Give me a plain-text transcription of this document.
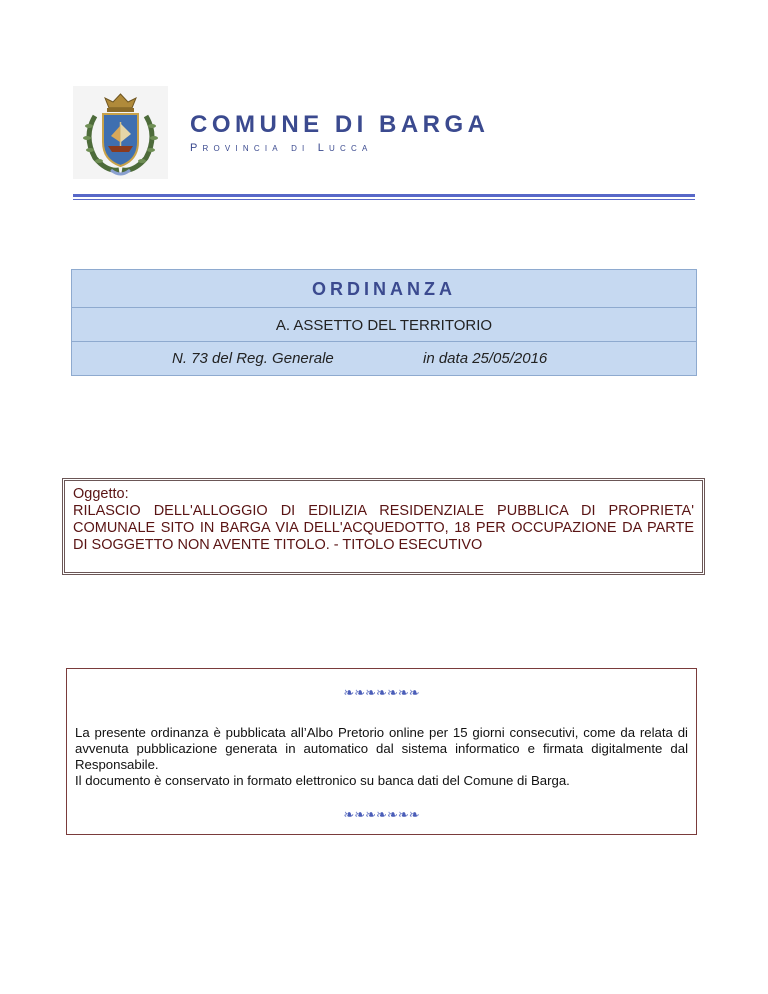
COMUNE DI BARGA
Provincia di Lucca
ORDINANZA
A. ASSETTO DEL TERRITORIO
N. 73 del Reg. Generale	in data 25/05/2016
Oggetto:
RILASCIO DELL'ALLOGGIO DI EDILIZIA RESIDENZIALE PUBBLICA DI PROPRIETA' COMUNALE SITO IN BARGA VIA DELL'ACQUEDOTTO, 18 PER OCCUPAZIONE DA PARTE DI SOGGETTO NON AVENTE TITOLO. - TITOLO ESECUTIVO
❧❧❧❧❧❧❧
La presente ordinanza è pubblicata all’Albo Pretorio online per 15 giorni consecutivi, come da relata di avvenuta pubblicazione generata in automatico dal sistema informatico e firmata digitalmente dal Responsabile.
Il documento è conservato in formato elettronico su banca dati del Comune di Barga.
❧❧❧❧❧❧❧
